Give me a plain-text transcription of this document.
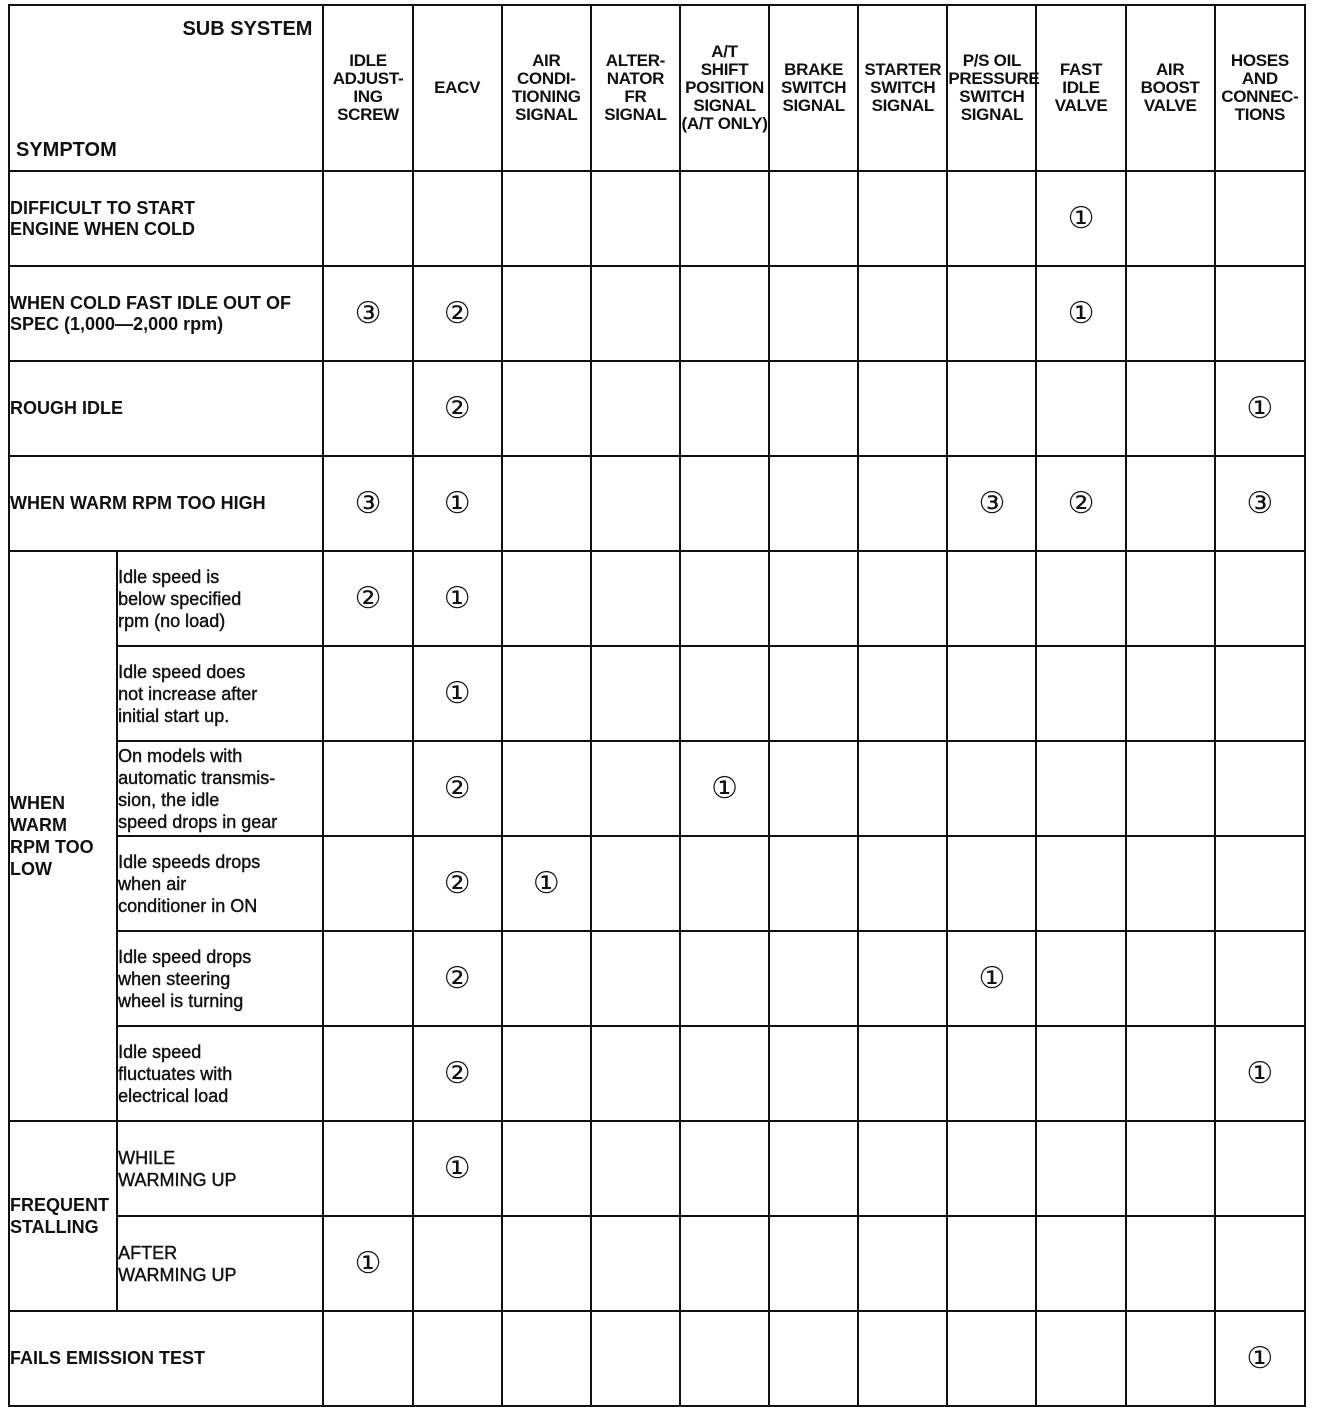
SUB SYSTEM
SYMPTOM		IDLE
ADJUST-
ING
SCREW	EACV	AIR
CONDI-
TIONING
SIGNAL	ALTER-
NATOR
FR
SIGNAL	A/T
SHIFT
POSITION
SIGNAL
(A/T ONLY)	BRAKE
SWITCH
SIGNAL	STARTER
SWITCH
SIGNAL	P/S OIL
PRESSURE
SWITCH
SIGNAL	FAST
IDLE
VALVE	AIR
BOOST
VALVE	HOSES
AND
CONNEC-
TIONS
DIFFICULT TO START
ENGINE WHEN COLD										①		
WHEN COLD FAST IDLE OUT OF
SPEC (1,000—2,000 rpm)		③	②							①		
ROUGH IDLE			②									①
WHEN WARM RPM TOO HIGH		③	①						③	②		③
WHEN
WARM
RPM TOO
LOW	Idle speed is
below specified
rpm (no load)	②	①									
	Idle speed does
not increase after
initial start up.		①									
	On models with
automatic transmis-
sion, the idle
speed drops in gear		②			①						
	Idle speeds drops
when air
conditioner in ON		②	①								
	Idle speed drops
when steering
wheel is turning		②						①			
	Idle speed
fluctuates with
electrical load		②									①
FREQUENT
STALLING	WHILE
WARMING UP		①									
	AFTER
WARMING UP	①										
FAILS EMISSION TEST												①
